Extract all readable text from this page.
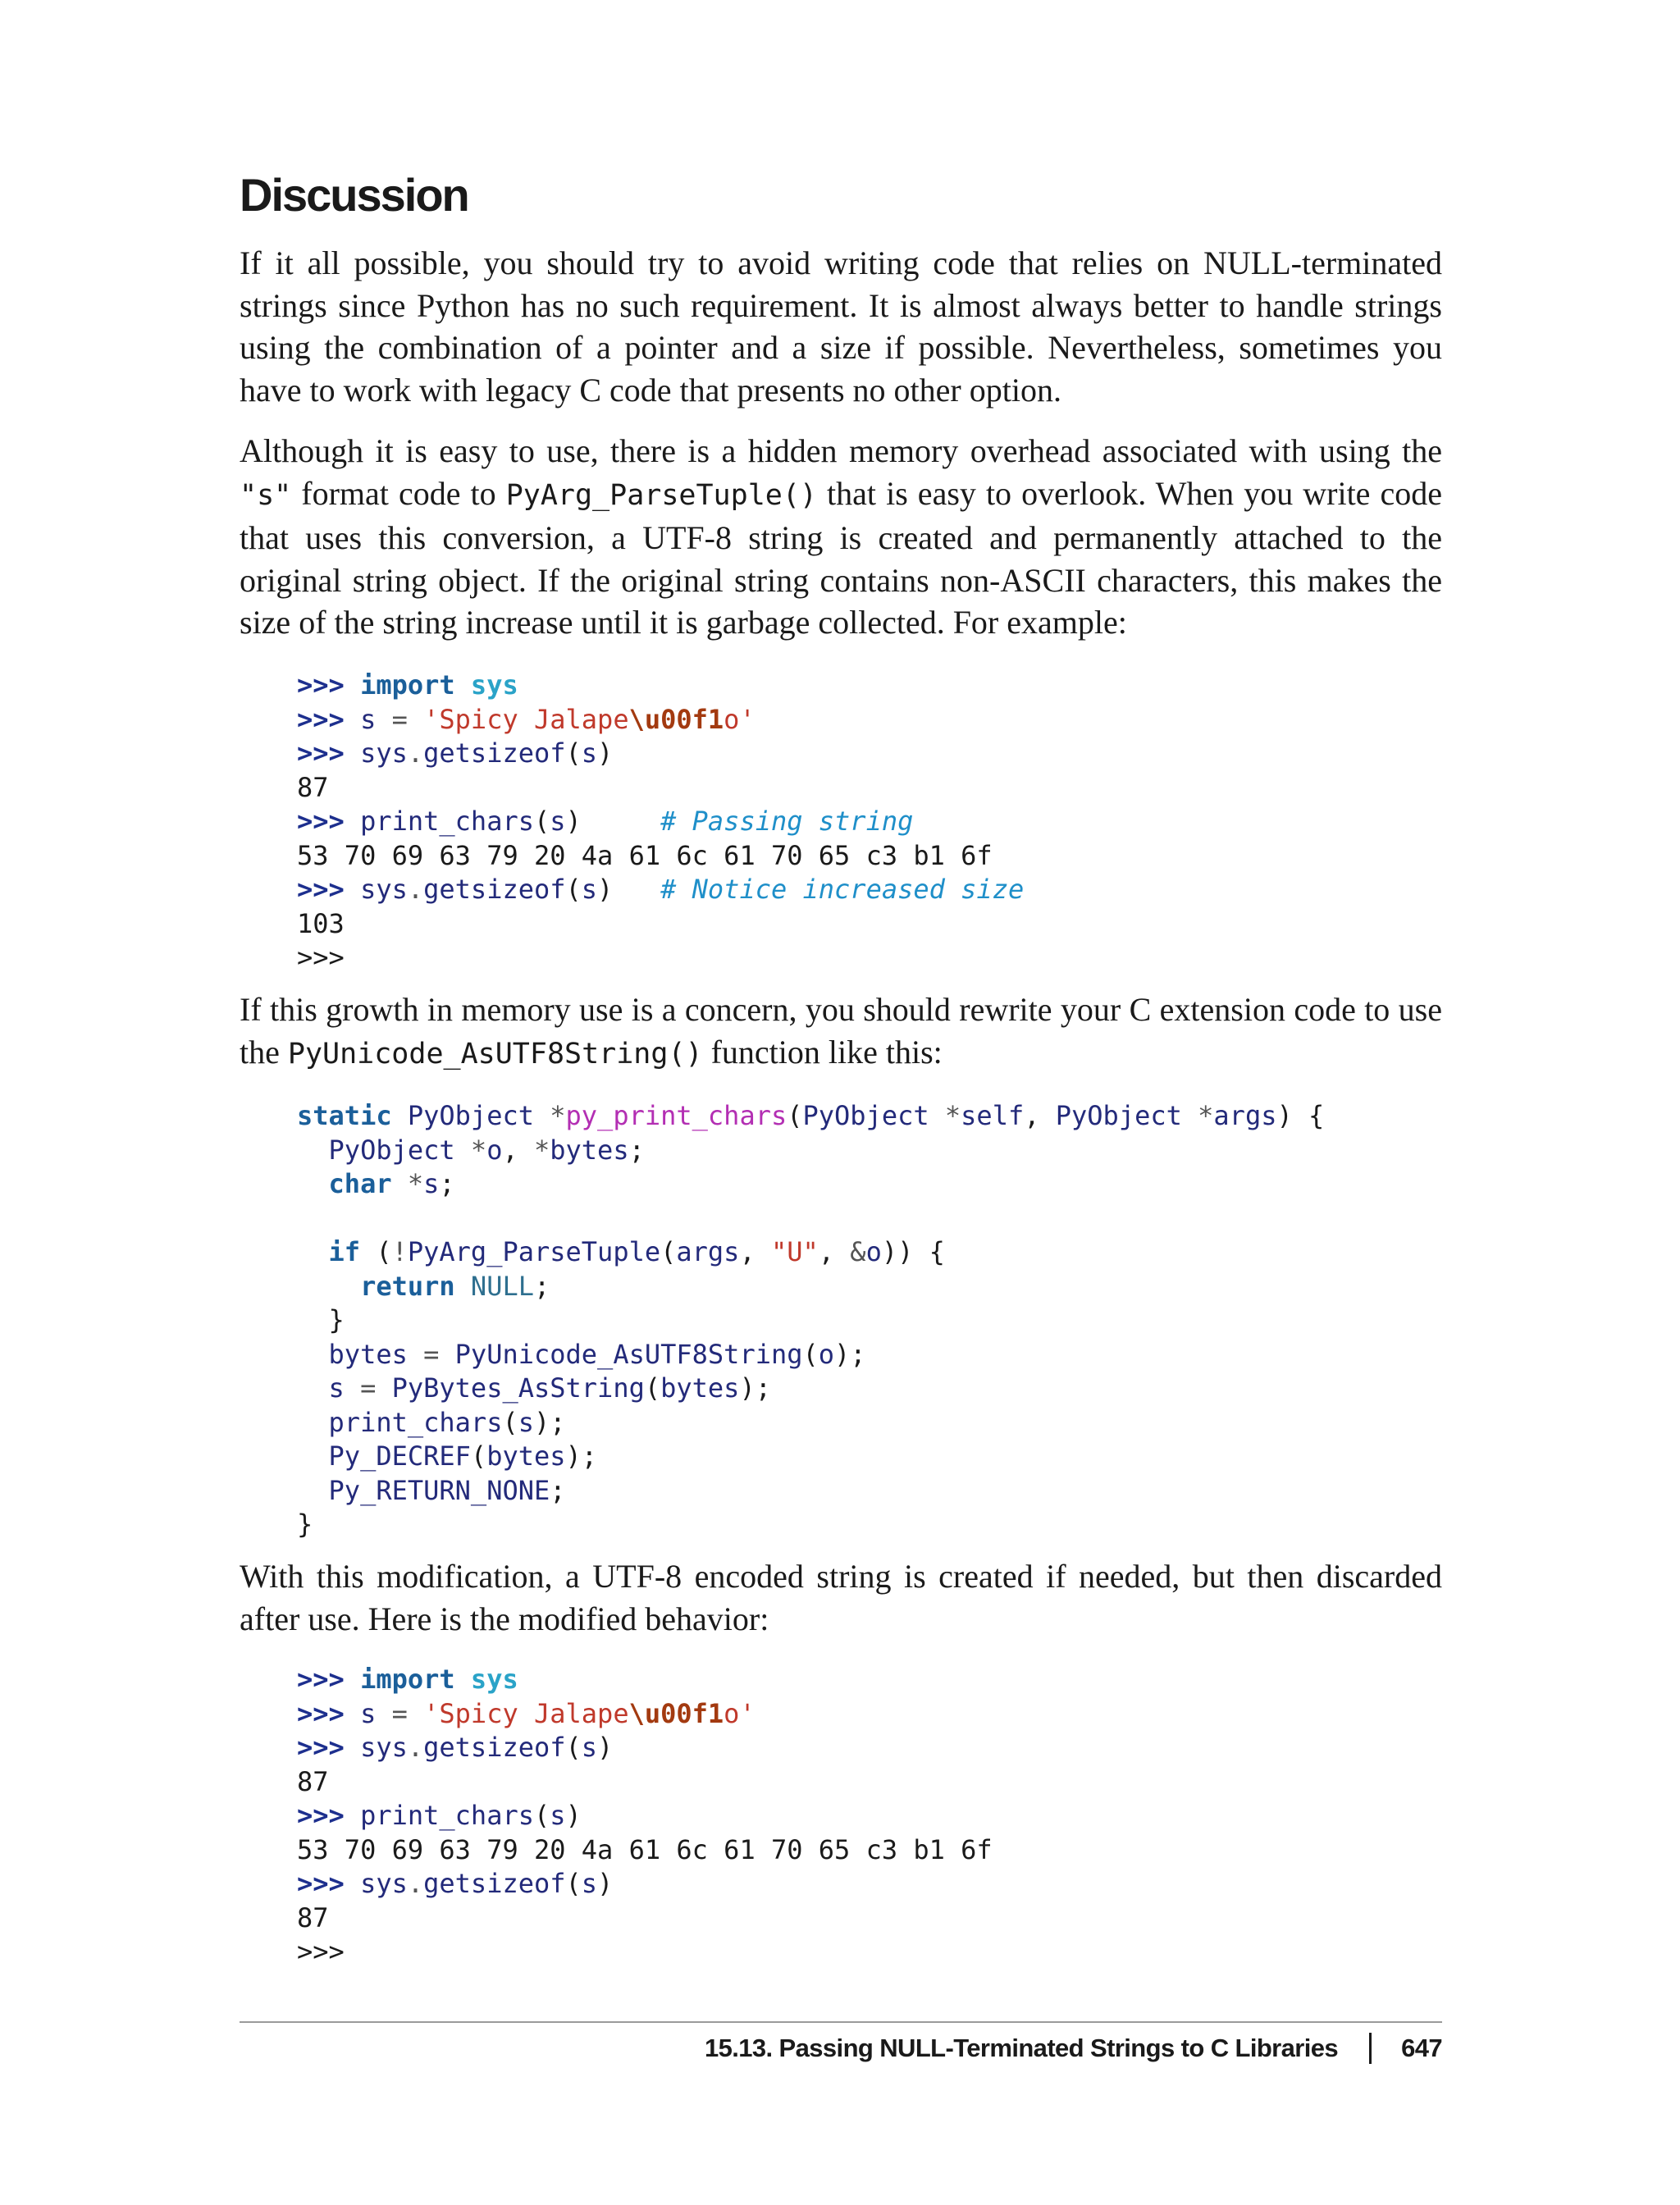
Discussion

If it all possible, you should try to avoid writing code that relies on NULL-terminated strings since Python has no such requirement. It is almost always better to handle strings using the combination of a pointer and a size if possible. Nevertheless, sometimes you have to work with legacy C code that presents no other option.

Although it is easy to use, there is a hidden memory overhead associated with using the "s" format code to PyArg_ParseTuple() that is easy to overlook. When you write code that uses this conversion, a UTF-8 string is created and permanently attached to the original string object. If the original string contains non-ASCII characters, this makes the size of the string increase until it is garbage collected. For example:

>>> import sys
>>> s = 'Spicy Jalape\u00f1o'
>>> sys.getsizeof(s)
87
>>> print_chars(s)     # Passing string
53 70 69 63 79 20 4a 61 6c 61 70 65 c3 b1 6f
>>> sys.getsizeof(s)   # Notice increased size
103
>>>

If this growth in memory use is a concern, you should rewrite your C extension code to use the PyUnicode_AsUTF8String() function like this:

static PyObject *py_print_chars(PyObject *self, PyObject *args) {
PyObject *o, *bytes;
char *s;
if (!PyArg_ParseTuple(args, "U", &o)) {
return NULL;
}
bytes = PyUnicode_AsUTF8String(o);
s = PyBytes_AsString(bytes);
print_chars(s);
Py_DECREF(bytes);
Py_RETURN_NONE;
}

With this modification, a UTF-8 encoded string is created if needed, but then discarded after use. Here is the modified behavior:

>>> import sys
>>> s = 'Spicy Jalape\u00f1o'
>>> sys.getsizeof(s)
87
>>> print_chars(s)
53 70 69 63 79 20 4a 61 6c 61 70 65 c3 b1 6f
>>> sys.getsizeof(s)
87
>>>
15.13. Passing NULL-Terminated Strings to C Libraries 647
